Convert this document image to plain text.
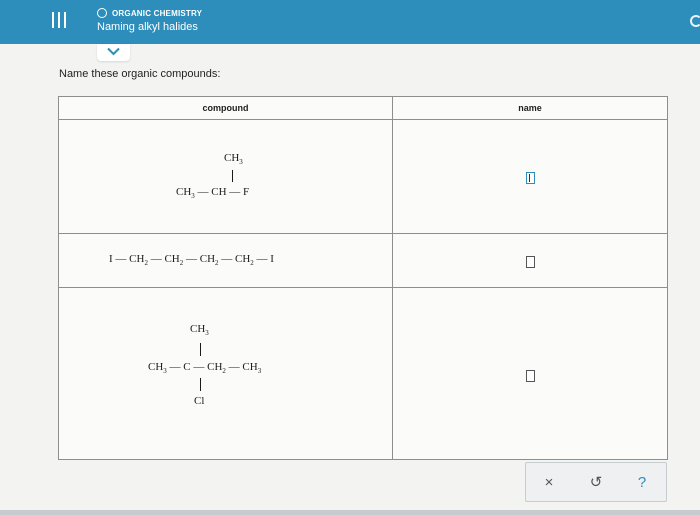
ORGANIC CHEMISTRY
Naming alkyl halides
Name these organic compounds:
compound	name

$CH_3$
$CH_3$ — CH — F	

I — $CH_2$ — $CH_2$ — $CH_2$ — $CH_2$ — I	

$CH_3$
$CH_3$ — C — $CH_2$ — $CH_3$
Cl	

×	↺	?
